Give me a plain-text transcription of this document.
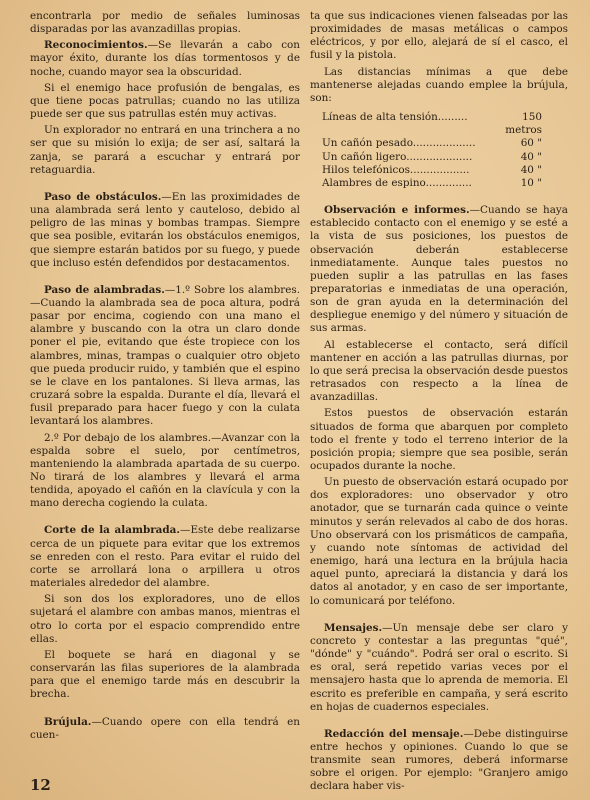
encontrarla por medio de señales luminosas disparadas por las avanzadillas propias.

Reconocimientos.—Se llevarán a cabo con mayor éxito, durante los días tormentosos y de noche, cuando mayor sea la obscuridad.

Si el enemigo hace profusión de bengalas, es que tiene pocas patrullas; cuando no las utiliza puede ser que sus patrullas estén muy activas.

Un explorador no entrará en una trinchera a no ser que su misión lo exija; de ser así, saltará la zanja, se parará a escuchar y entrará por retaguardia.

Paso de obstáculos.—En las proximidades de una alambrada será lento y cauteloso, debido al peligro de las minas y bombas trampas. Siempre que sea posible, evitarán los obstáculos enemigos, que siempre estarán batidos por su fuego, y puede que incluso estén defendidos por destacamentos.

Paso de alambradas.—1.º Sobre los alambres.—Cuando la alambrada sea de poca altura, podrá pasar por encima, cogiendo con una mano el alambre y buscando con la otra un claro donde poner el pie, evitando que éste tropiece con los alambres, minas, trampas o cualquier otro objeto que pueda producir ruido, y también que el espino se le clave en los pantalones. Si lleva armas, las cruzará sobre la espalda. Durante el día, llevará el fusil preparado para hacer fuego y con la culata levantará los alambres.

2.º Por debajo de los alambres.—Avanzar con la espalda sobre el suelo, por centímetros, manteniendo la alambrada apartada de su cuerpo. No tirará de los alambres y llevará el arma tendida, apoyado el cañón en la clavícula y con la mano derecha cogiendo la culata.

Corte de la alambrada.—Este debe realizarse cerca de un piquete para evitar que los extremos se enreden con el resto. Para evitar el ruido del corte se arrollará lona o arpillera u otros materiales alrededor del alambre.

Si son dos los exploradores, uno de ellos sujetará el alambre con ambas manos, mientras el otro lo corta por el espacio comprendido entre ellas.

El boquete se hará en diagonal y se conservarán las filas superiores de la alambrada para que el enemigo tarde más en descubrir la brecha.

Brújula.—Cuando opere con ella tendrá en cuen-

ta que sus indicaciones vienen falseadas por las proximidades de masas metálicas o campos eléctricos, y por ello, alejará de sí el casco, el fusil y la pistola.

Las distancias mínimas a que debe mantenerse alejadas cuando emplee la brújula, son:

Líneas de alta tensión.........	150 metros
Un cañón pesado...................	60 "
Un cañón ligero....................	40 "
Hilos telefónicos..................	40 "
Alambres de espino..............	10 "

Observación e informes.—Cuando se haya establecido contacto con el enemigo y se esté a la vista de sus posiciones, los puestos de observación deberán establecerse inmediatamente. Aunque tales puestos no pueden suplir a las patrullas en las fases preparatorias e inmediatas de una operación, son de gran ayuda en la determinación del despliegue enemigo y del número y situación de sus armas.

Al establecerse el contacto, será difícil mantener en acción a las patrullas diurnas, por lo que será precisa la observación desde puestos retrasados con respecto a la línea de avanzadillas.

Estos puestos de observación estarán situados de forma que abarquen por completo todo el frente y todo el terreno interior de la posición propia; siempre que sea posible, serán ocupados durante la noche.

Un puesto de observación estará ocupado por dos exploradores: uno observador y otro anotador, que se turnarán cada quince o veinte minutos y serán relevados al cabo de dos horas. Uno observará con los prismáticos de campaña, y cuando note síntomas de actividad del enemigo, hará una lectura en la brújula hacia aquel punto, apreciará la distancia y dará los datos al anotador, y en caso de ser importante, lo comunicará por teléfono.

Mensajes.—Un mensaje debe ser claro y concreto y contestar a las preguntas "qué", "dónde" y "cuándo". Podrá ser oral o escrito. Si es oral, será repetido varias veces por el mensajero hasta que lo aprenda de memoria. El escrito es preferible en campaña, y será escrito en hojas de cuadernos especiales.

Redacción del mensaje.—Debe distinguirse entre hechos y opiniones. Cuando lo que se transmite sean rumores, deberá informarse sobre el origen. Por ejemplo: "Granjero amigo declara haber vis-

12
